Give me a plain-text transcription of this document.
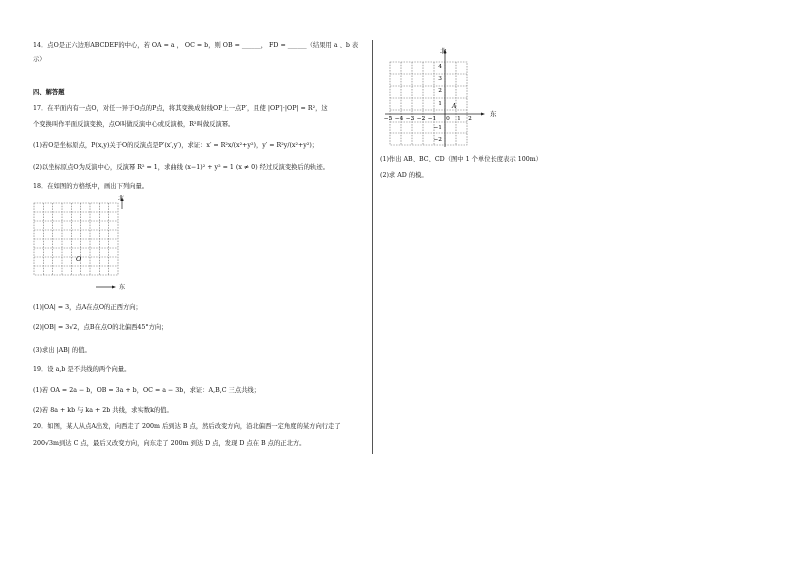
14．点O是正六边形ABCDEF的中心，若 OA = a ， OC = b，则 OB = ______， FD = ______（结果用 a 、b 表
示）
四、解答题
17．在平面内有一点O，对任一异于O点的P点，将其变换成射线OP上一点P′，且使 |OP′|·|OP| = R²，这
个变换叫作平面反演变换，点O叫做反演中心或反演极，R²叫做反演幂。
(1)若O是坐标原点，P(x,y)关于O的反演点是P′(x′,y′)，求证：x′ = R²x/(x²+y²)，y′ = R²y/(x²+y²)；
(2)以坐标原点O为反演中心，反演幂 R² = 1，求曲线 (x−1)² + y² = 1 (x ≠ 0) 经过反演变换后的轨迹。
18．在如图的方格纸中，画出下列向量。
北
东
O
(1)|OA| = 3，点A在点O的正西方向；
(2)|OB| = 3√2，点B在点O的北偏西45°方向；
(3)求出 |AB| 的值。
19．设 a,b 是不共线的两个向量。
(1)若 OA = 2a − b，OB = 3a + b，OC = a − 3b，求证：A,B,C 三点共线；
(2)若 8a + kb 与 ka + 2b 共线，求实数k的值。
20．如图，某人从点A出发，向西走了 200m 后到达 B 点，然后改变方向，沿北偏西一定角度的某方向行走了
200√3m到达 C 点，最后又改变方向，向东走了 200m 到达 D 点，发现 D 点在 B 点的正北方。
北
东
A
4
3
2
1
−1
−2
−5 −4 −3 −2 −1 0 1 2
(1)作出 AB、BC、CD（图中 1 个单位长度表示 100m）
(2)求 AD 的模。
